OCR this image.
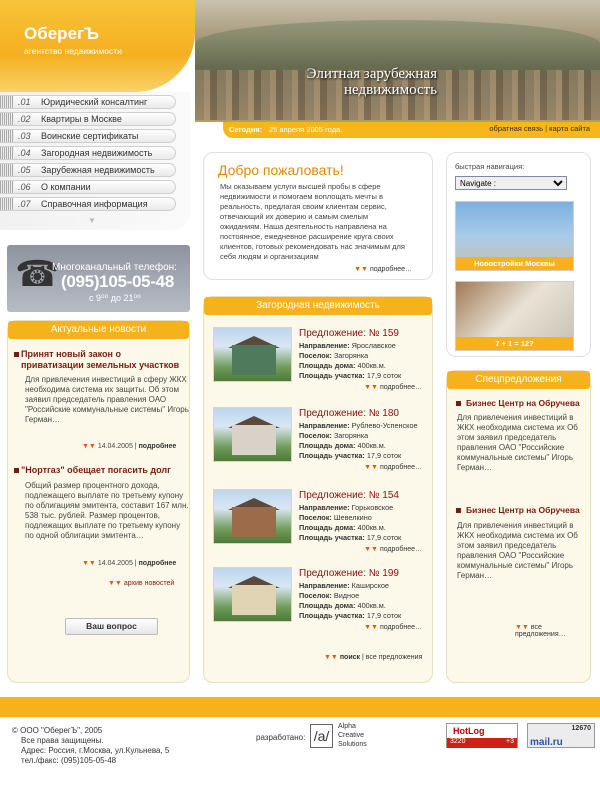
ОберегЪ
агентство недвижимости
Элитная зарубежная недвижимость
Сегодня: 25 апреля 2005 года.	обратная связь | карта сайта
.01 Юридический консалтинг
.02 Квартиры в Москве
.03 Воинские сертификаты
.04 Загородная недвижимость
.05 Зарубежная недвижимость
.06 О компании
.07 Справочная информация
▼
☎
Многоканальный телефон:
(095)105-05-48
с 9⁰⁰ до 21⁰⁰
Актуальные новости
Принят новый закон о приватизации земельных участков
Для привлечения инвестиций в сферу ЖКХ необходима система их защиты. Об этом заявил председатель правления ОАО "Российские коммунальные системы" Игорь Герман…
▼▼ 14.04.2005 | подробнее
"Нортгаз" обещает погасить долг
Общий размер процентного дохода, подлежащего выплате по третьему купону по облигациям эмитента, составит 167 млн. 538 тыс. рублей. Размер процентов, подлежащих выплате по третьему купону по одной облигации эмитента…
▼▼ 14.04.2005 | подробнее
▼▼ архив новостей
Ваш вопрос
Добро пожаловать!
Мы оказываем услуги высшей пробы в сфере недвижимости и помогаем воплощать мечты в реальность, предлагая своим клиентам сервис, отвечающий их доверию и самым смелым ожиданиям. Наша деятельность направлена на постоянное, ежедневное расширение круга своих клиентов, готовых рекомендовать нас значимым для себя людям и организациям
▼▼ подробнее…
Загородная недвижимость
Предложение: № 159
Направление: Ярославское
Поселок: Загорянка
Площадь дома: 400кв.м.
Площадь участка: 17,9 соток
▼▼ подробнее…
Предложение: № 180
Направление: Рублево-Успенское
Поселок: Загорянка
Площадь дома: 400кв.м.
Площадь участка: 17,9 соток
▼▼ подробнее…
Предложение: № 154
Направление: Горьковское
Поселок: Шевелкино
Площадь дома: 400кв.м.
Площадь участка: 17,9 соток
▼▼ подробнее…
Предложение: № 199
Направление: Каширское
Поселок: Видное
Площадь дома: 400кв.м.
Площадь участка: 17,9 соток
▼▼ подробнее…
▼▼ поиск | все предложения
быстрая навигация:
Navigate :
Новостройки Москвы
7 + 1 = 12?
Спецпредложения
Бизнес Центр на Обручева
Для привлечения инвестиций в ЖКХ необходима система их Об этом заявил председатель правления ОАО "Российские коммунальные системы" Игорь Герман…
Бизнес Центр на Обручева
Для привлечения инвестиций в ЖКХ необходима система их Об этом заявил председатель правления ОАО "Российские коммунальные системы" Игорь Герман…
▼▼ все предложения…
© ООО "ОберегЪ", 2005
Все права защищены.
Адрес: Россия, г.Москва, ул.Кульнева, 5
тел./факс: (095)105-05-48
разработано: /a/
Alpha
Creative
Solutions
HotLog
3220	+3
12670
mail.ru
